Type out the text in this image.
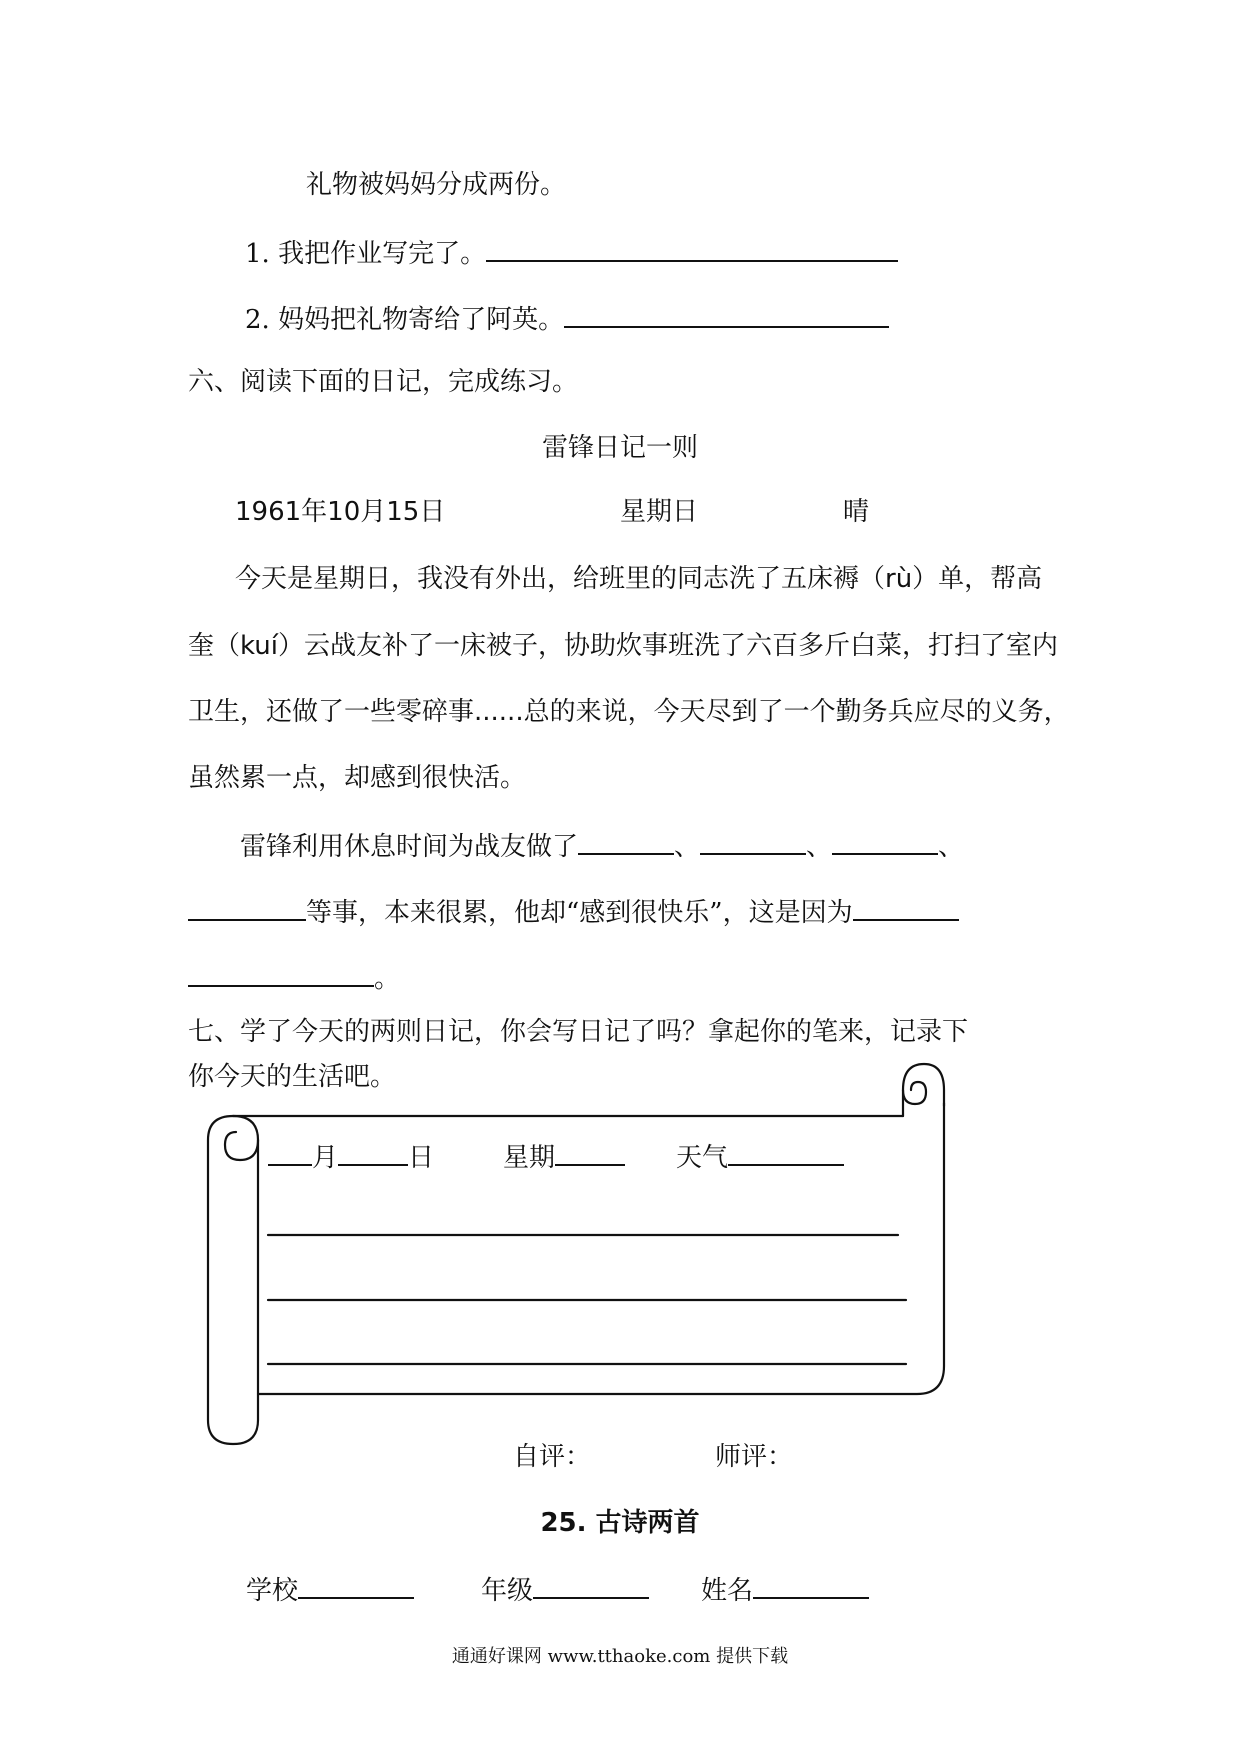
礼物被妈妈分成两份。
1. 我把作业写完了。
2. 妈妈把礼物寄给了阿英。
六、阅读下面的日记，完成练习。
雷锋日记一则
1961年10月15日	星期日	晴
今天是星期日，我没有外出，给班里的同志洗了五床褥（rù）单，帮高
奎（kuí）云战友补了一床被子，协助炊事班洗了六百多斤白菜，打扫了室内
卫生，还做了一些零碎事......总的来说，今天尽到了一个勤务兵应尽的义务，
虽然累一点，却感到很快活。
雷锋利用休息时间为战友做了	、	、	、
等事，本来很累，他却“感到很快乐”，这是因为
。
七、学了今天的两则日记，你会写日记了吗？拿起你的笔来，记录下
你今天的生活吧。
月	日	星期	天气
自评：	师评：
25. 古诗两首
学校	年级	姓名
通通好课网 www.tthaoke.com 提供下载
